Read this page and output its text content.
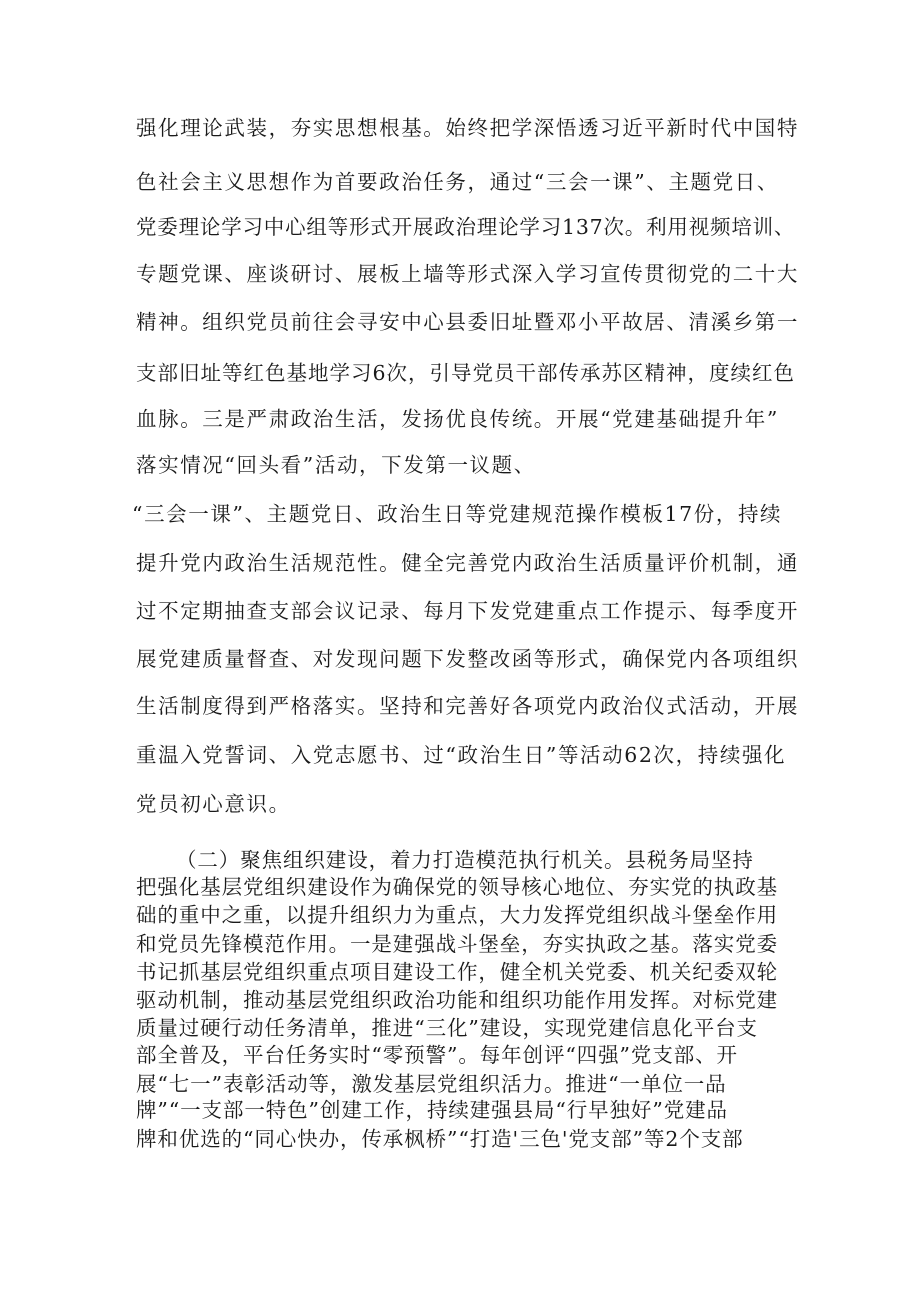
强化理论武装，夯实思想根基。始终把学深悟透习近平新时代中国特
色社会主义思想作为首要政治任务，通过“三会一课”、主题党日、
党委理论学习中心组等形式开展政治理论学习137次。利用视频培训、
专题党课、座谈研讨、展板上墙等形式深入学习宣传贯彻党的二十大
精神。组织党员前往会寻安中心县委旧址暨邓小平故居、清溪乡第一
支部旧址等红色基地学习6次，引导党员干部传承苏区精神，度续红色
血脉。三是严肃政治生活，发扬优良传统。开展“党建基础提升年”
落实情况“回头看”活动，下发第一议题、
“三会一课”、主题党日、政治生日等党建规范操作模板17份，持续
提升党内政治生活规范性。健全完善党内政治生活质量评价机制，通
过不定期抽查支部会议记录、每月下发党建重点工作提示、每季度开
展党建质量督查、对发现问题下发整改函等形式，确保党内各项组织
生活制度得到严格落实。坚持和完善好各项党内政治仪式活动，开展
重温入党誓词、入党志愿书、过“政治生日”等活动62次，持续强化
党员初心意识。
（二）聚焦组织建设，着力打造模范执行机关。县税务局坚持
把强化基层党组织建设作为确保党的领导核心地位、夯实党的执政基
础的重中之重，以提升组织力为重点，大力发挥党组织战斗堡垒作用
和党员先锋模范作用。一是建强战斗堡垒，夯实执政之基。落实党委
书记抓基层党组织重点项目建设工作，健全机关党委、机关纪委双轮
驱动机制，推动基层党组织政治功能和组织功能作用发挥。对标党建
质量过硬行动任务清单，推进“三化”建设，实现党建信息化平台支
部全普及，平台任务实时“零预警”。每年创评“四强”党支部、开
展“七一”表彰活动等，激发基层党组织活力。推进“一单位一品
牌”“一支部一特色”创建工作，持续建强县局“行早独好”党建品
牌和优选的“同心快办，传承枫桥”“打造'三色'党支部”等2个支部
